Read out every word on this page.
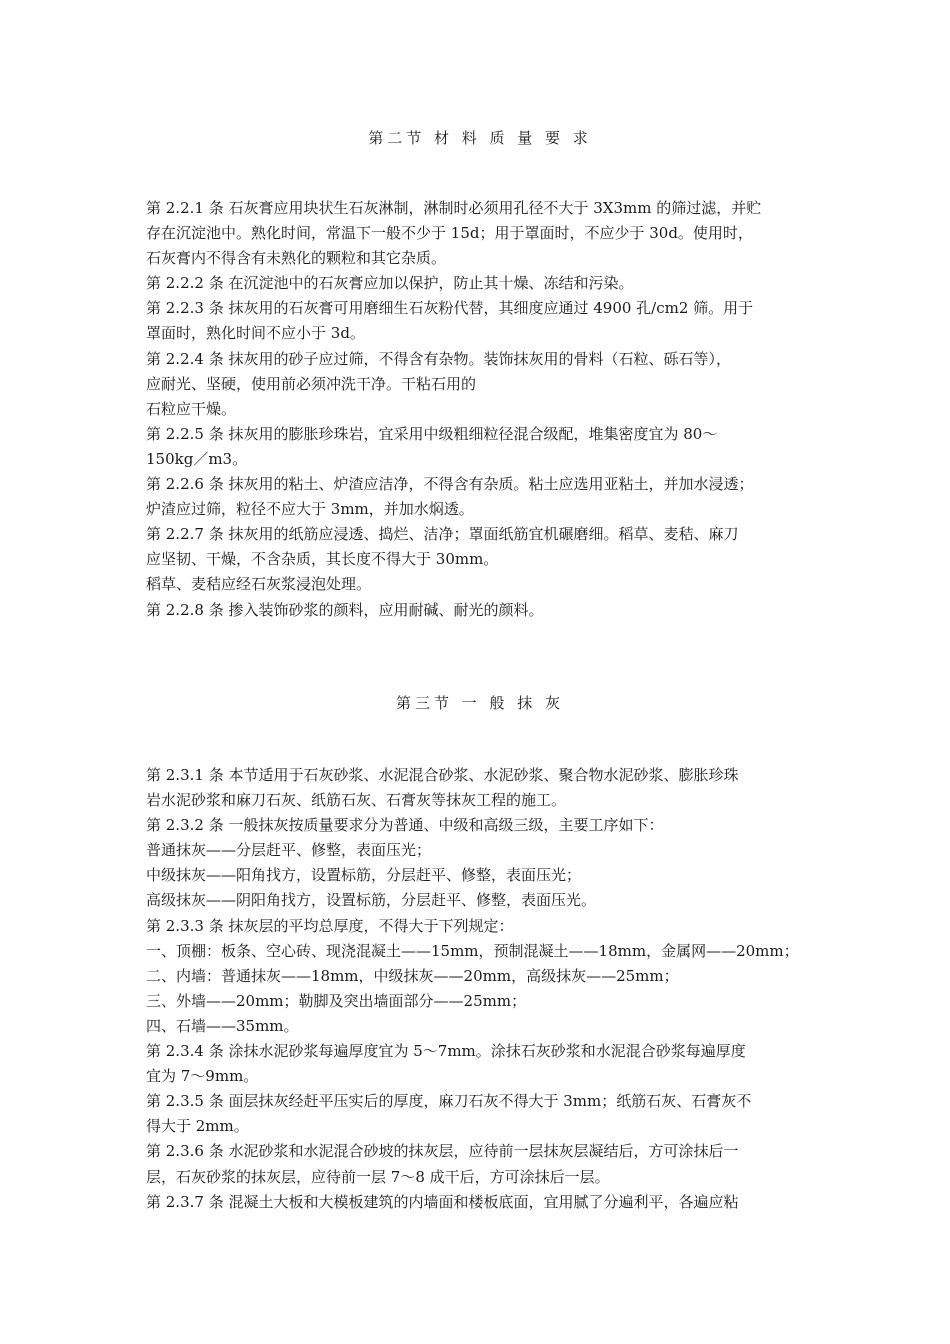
第二节 材 料 质 量 要 求
第 2.2.1 条 石灰膏应用块状生石灰淋制，淋制时必须用孔径不大于 3X3mm 的筛过滤，并贮
存在沉淀池中。熟化时间，常温下一般不少于 15d；用于罩面时，不应少于 30d。使用时，
石灰膏内不得含有未熟化的颗粒和其它杂质。
第 2.2.2 条 在沉淀池中的石灰膏应加以保护，防止其十燥、冻结和污染。
第 2.2.3 条 抹灰用的石灰膏可用磨细生石灰粉代替，其细度应通过 4900 孔/cm2 筛。用于
罩面时，熟化时间不应小于 3d。
第 2.2.4 条 抹灰用的砂子应过筛，不得含有杂物。装饰抹灰用的骨料（石粒、砾石等），
应耐光、坚硬，使用前必须冲洗干净。干粘石用的
石粒应干燥。
第 2.2.5 条 抹灰用的膨胀珍珠岩，宜采用中级粗细粒径混合级配，堆集密度宜为 80～
150kg／m3。
第 2.2.6 条 抹灰用的粘土、炉渣应洁净，不得含有杂质。粘土应选用亚粘土，并加水浸透；
炉渣应过筛，粒径不应大于 3mm，并加水焖透。
第 2.2.7 条 抹灰用的纸筋应浸透、捣烂、洁净；罩面纸筋宜机碾磨细。稻草、麦秸、麻刀
应坚韧、干燥，不含杂质，其长度不得大于 30mm。
稻草、麦秸应经石灰浆浸泡处理。
第 2.2.8 条 掺入装饰砂浆的颜料，应用耐碱、耐光的颜料。
第三节 一 般 抹 灰
第 2.3.1 条 本节适用于石灰砂浆、水泥混合砂浆、水泥砂浆、聚合物水泥砂浆、膨胀珍珠
岩水泥砂浆和麻刀石灰、纸筋石灰、石膏灰等抹灰工程的施工。
第 2.3.2 条 一般抹灰按质量要求分为普通、中级和高级三级，主要工序如下：
普通抹灰——分层赶平、修整，表面压光；
中级抹灰——阳角找方，设置标筋，分层赶平、修整，表面压光；
高级抹灰——阴阳角找方，设置标筋，分层赶平、修整，表面压光。
第 2.3.3 条 抹灰层的平均总厚度，不得大于下列规定：
一、顶棚：板条、空心砖、现浇混凝土——15mm，预制混凝土——18mm，金属网——20mm；
二、内墙：普通抹灰——18mm，中级抹灰——20mm，高级抹灰——25mm；
三、外墙——20mm；勒脚及突出墙面部分——25mm；
四、石墙——35mm。
第 2.3.4 条 涂抹水泥砂浆每遍厚度宜为 5～7mm。涂抹石灰砂浆和水泥混合砂浆每遍厚度
宜为 7～9mm。
第 2.3.5 条 面层抹灰经赶平压实后的厚度，麻刀石灰不得大于 3mm；纸筋石灰、石膏灰不
得大于 2mm。
第 2.3.6 条 水泥砂浆和水泥混合砂坡的抹灰层，应待前一层抹灰层凝结后，方可涂抹后一
层，石灰砂浆的抹灰层，应待前一层 7～8 成干后，方可涂抹后一层。
第 2.3.7 条 混凝土大板和大模板建筑的内墙面和楼板底面，宜用腻了分遍利平，各遍应粘
